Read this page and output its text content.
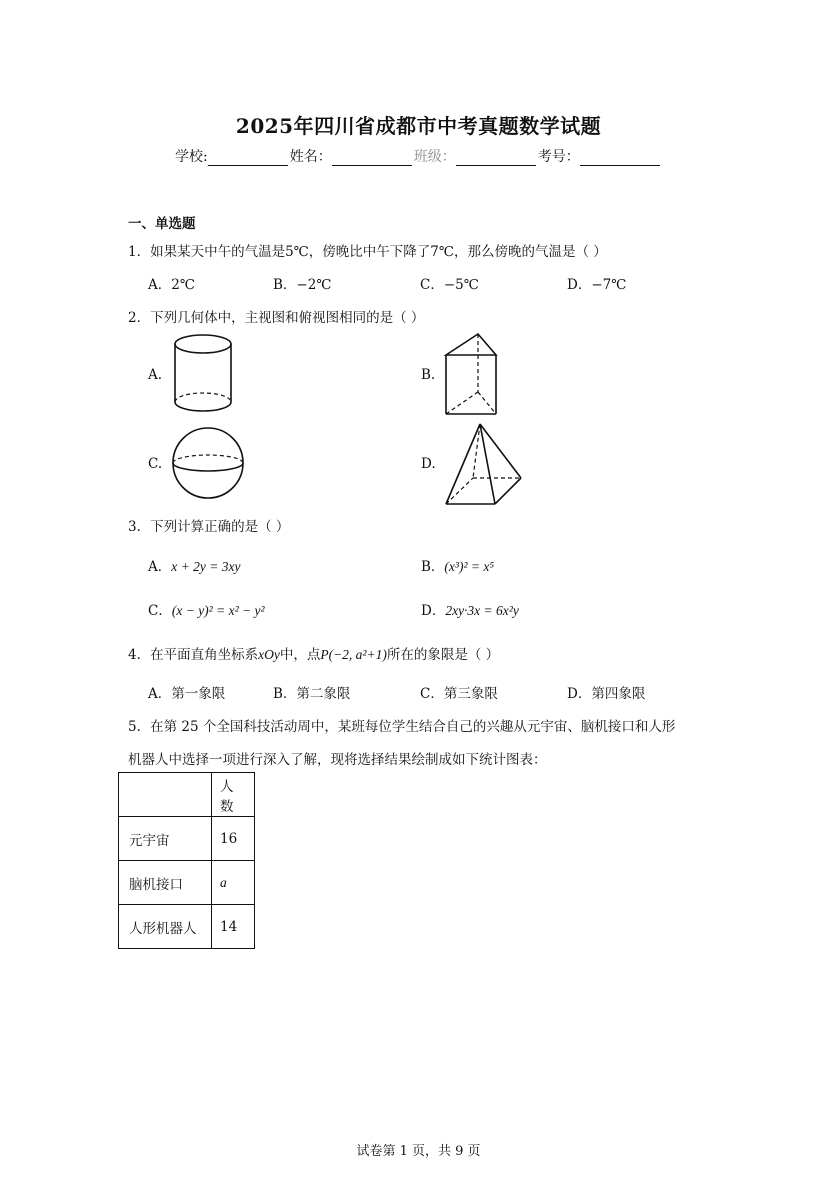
2025年四川省成都市中考真题数学试题
学校:	姓名：	班级：	考号：
一、单选题
1．如果某天中午的气温是5℃，傍晚比中午下降了7℃，那么傍晚的气温是（ ）
A．2℃	B．−2℃	C．−5℃	D．−7℃
2．下列几何体中，主视图和俯视图相同的是（ ）
A.	B.
C.	D.
3．下列计算正确的是（ ）
A．x + 2y = 3xy	B．(x³)² = x⁵
C．(x − y)² = x² − y²	D．2xy·3x = 6x²y
4．在平面直角坐标系xOy中，点P(−2, a²+1)所在的象限是（ ）
A．第一象限	B．第二象限	C．第三象限	D．第四象限
5．在第 25 个全国科技活动周中，某班每位学生结合自己的兴趣从元宇宙、脑机接口和人形
机器人中选择一项进行深入了解，现将选择结果绘制成如下统计图表：
	人数
元宇宙	16
脑机接口	a
人形机器人	14
试卷第 1 页，共 9 页
